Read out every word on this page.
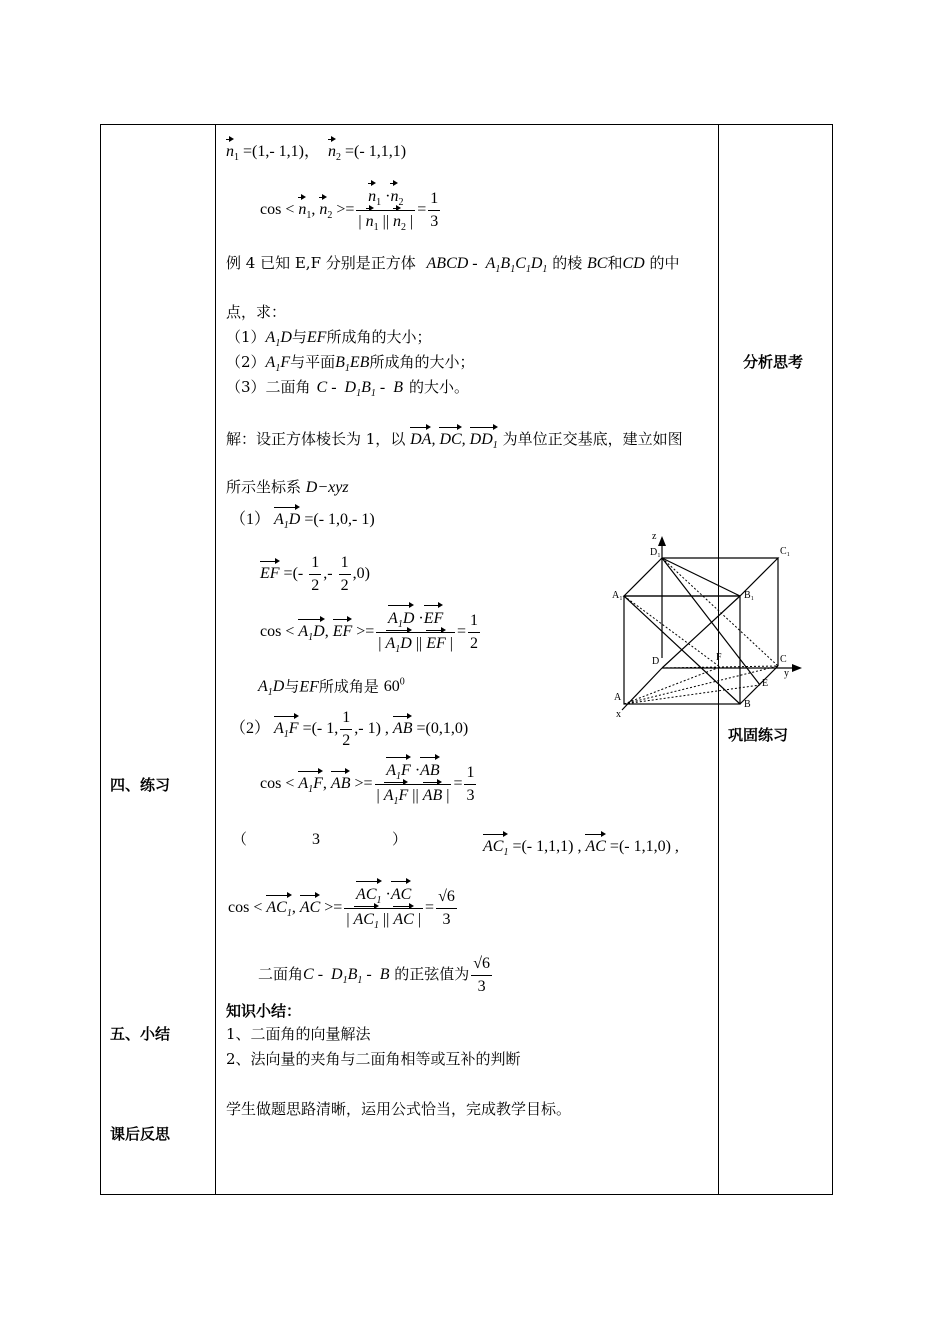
四、练习
五、小结
课后反思
分析思考
巩固练习
$n_1 =(1,-$ 1,1)，  $n_2$ =(- 1,1,1)
$\cos < n_1$, $n_2 >= \frac{n_1 \cdot n_2}{| n_1 || n_2 |} = \frac{1}{3}$
例 4 已知 E,F 分别是正方体 ABCD -  $A_1B_1C_1D_1$ 的棱 BC和CD 的中
点，求：
$(1)A_1D$与EF所成角的大小；
$(2)A_1F$与平面$B_1EB$所成角的大小；
（3）二面角 C -  $D_1B_1$ -  B 的大小。
解：设正方体棱长为 1，以 DA, DC, $DD_1$ 为单位正交基底，建立如图
所示坐标系 D−xyz
（1） $A_1D$ =(- 1,0,- 1)
EF =(- $\frac{1}{2}$ ,- $\frac{1}{2} ,0$)
$\cos < A_1D$, EF >= $\frac{A_1D \cdot EF}{| A_1D || EF |} = \frac{1}{2}$
$A_1D$与EF所成角是 $60^0$
（2） $A_1F$ =(- 1, $\frac{1}{2}$ ,- 1) , AB =(0,1,0)
$\cos < A_1F$, AB >= $\frac{A_1F \cdot AB}{| A_1F || AB |} = \frac{1}{3}$
（	3	）	$AC_1$ =(- 1,1,1) , AC =(- 1,1,0) ,
$\cos < AC_1$, AC >= $\frac{AC_1 \cdot AC}{| AC_1 || AC |} = \frac{√6}{3}$
二面角C -  $D_1B_1$ -  B 的正弦值为 $\frac{√6}{3}$
知识小结：
1、二面角的向量解法
2、法向量的夹角与二面角相等或互补的判断
学生做题思路清晰，运用公式恰当，完成教学目标。
z
D₁	C₁
A₁	B₁
D	F	C
y
E
A
B
x
